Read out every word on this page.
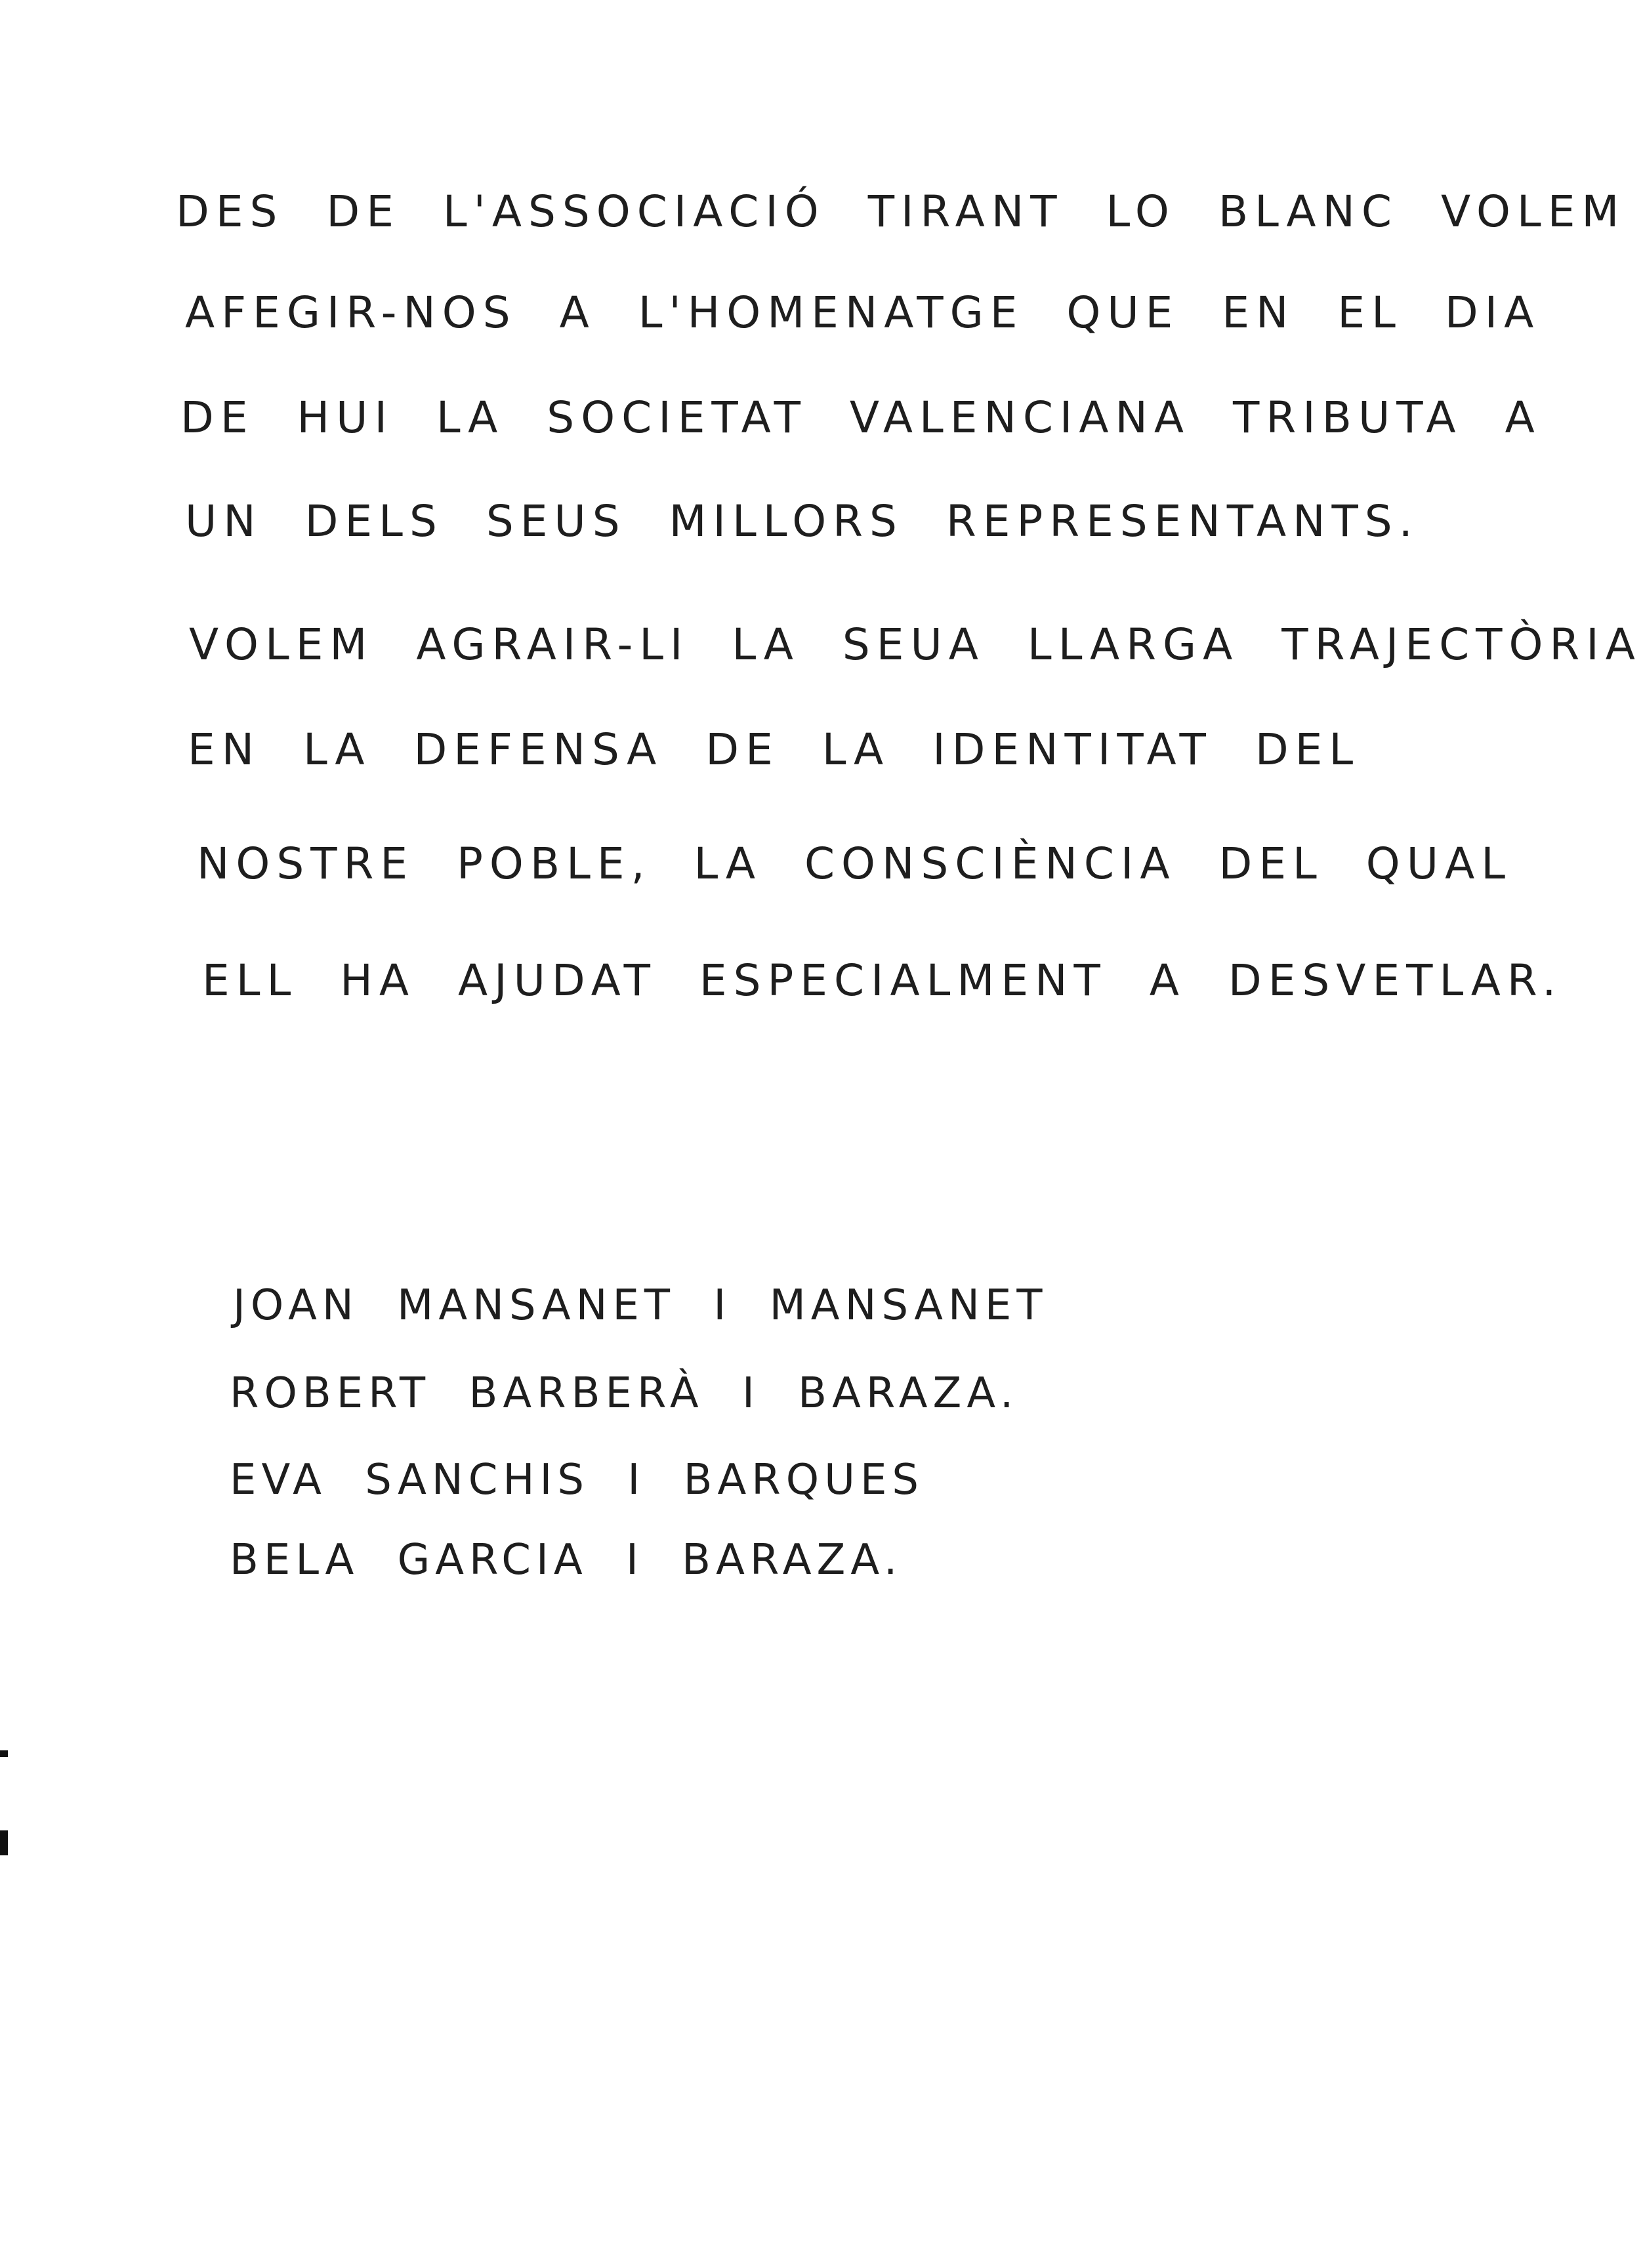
DES DE L'ASSOCIACIÓ TIRANT LO BLANC VOLEM
AFEGIR-NOS A L'HOMENATGE QUE EN EL DIA
DE HUI LA SOCIETAT VALENCIANA TRIBUTA A
UN DELS SEUS MILLORS REPRESENTANTS.
VOLEM AGRAIR-LI LA SEUA LLARGA TRAJECTÒRIA
EN LA DEFENSA DE LA IDENTITAT DEL
NOSTRE POBLE, LA CONSCIÈNCIA DEL QUAL
ELL HA AJUDAT ESPECIALMENT A DESVETLAR.
JOAN MANSANET I MANSANET
ROBERT BARBERÀ I BARAZA.
EVA SANCHIS I BARQUES
BELA GARCIA I BARAZA.
